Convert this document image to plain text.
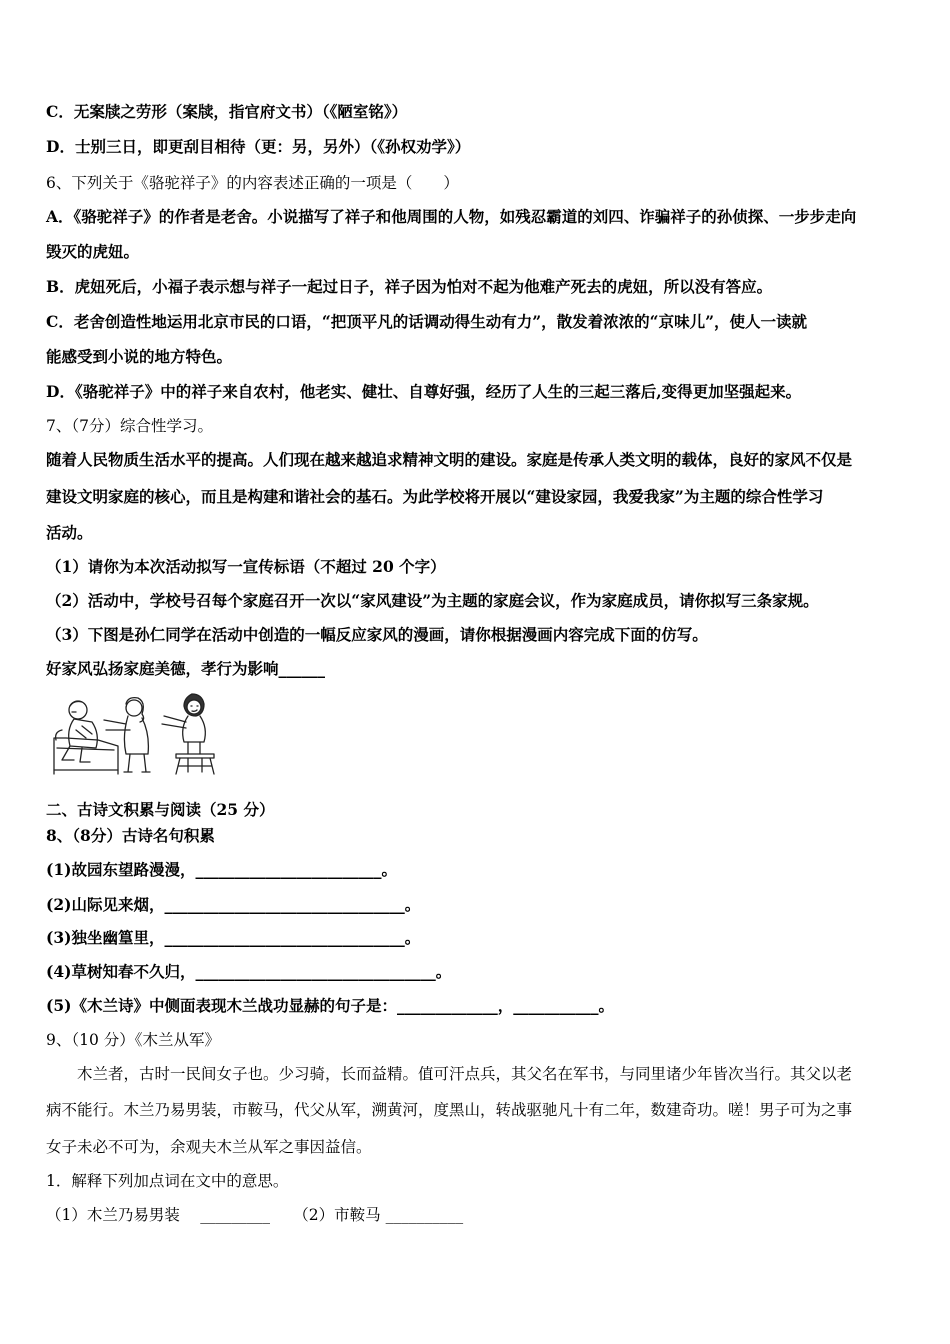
C．无案牍之劳形（案牍，指官府文书）（《陋室铭》）
D．士别三日，即更刮目相待（更：另，另外）（《孙权劝学》）
6、下列关于《骆驼祥子》的内容表述正确的一项是（　　）
A．《骆驼祥子》的作者是老舍。小说描写了祥子和他周围的人物，如残忍霸道的刘四、诈骗祥子的孙侦探、一步步走向
毁灭的虎妞。
B．虎妞死后，小福子表示想与祥子一起过日子，祥子因为怕对不起为他难产死去的虎妞，所以没有答应。
C．老舍创造性地运用北京市民的口语，“把顶平凡的话调动得生动有力”，散发着浓浓的“京味儿”，使人一读就
能感受到小说的地方特色。
D．《骆驼祥子》中的祥子来自农村，他老实、健壮、自尊好强，经历了人生的三起三落后,变得更加坚强起来。
7、（7分）综合性学习。
随着人民物质生活水平的提高。人们现在越来越追求精神文明的建设。家庭是传承人类文明的载体，良好的家风不仅是
建设文明家庭的核心，而且是构建和谐社会的基石。为此学校将开展以“建设家园，我爱我家”为主题的综合性学习
活动。
（1）请你为本次活动拟写一宣传标语（不超过 20 个字）
（2）活动中，学校号召每个家庭召开一次以“家风建设”为主题的家庭会议，作为家庭成员，请你拟写三条家规。
（3）下图是孙仁同学在活动中创造的一幅反应家风的漫画，请你根据漫画内容完成下面的仿写。
好家风弘扬家庭美德，孝行为影响______
二、古诗文积累与阅读（25 分）
8、（8分）古诗名句积累
(1)故园东望路漫漫，________________________。
(2)山际见来烟，_______________________________。
(3)独坐幽篁里，_______________________________。
(4)草树知春不久归，_______________________________。
(5)《木兰诗》中侧面表现木兰战功显赫的句子是：_____________，___________。
9、（10 分）《木兰从军》
　　木兰者，古时一民间女子也。少习骑，长而益精。值可汗点兵，其父名在军书，与同里诸少年皆次当行。其父以老
病不能行。木兰乃易男装，市鞍马，代父从军，溯黄河，度黑山，转战驱驰凡十有二年，数建奇功。嗟！男子可为之事
女子未必不可为，余观夫木兰从军之事因益信。
1．解释下列加点词在文中的意思。
（1）木兰乃易男装　 _________　　（2）市鞍马 __________
